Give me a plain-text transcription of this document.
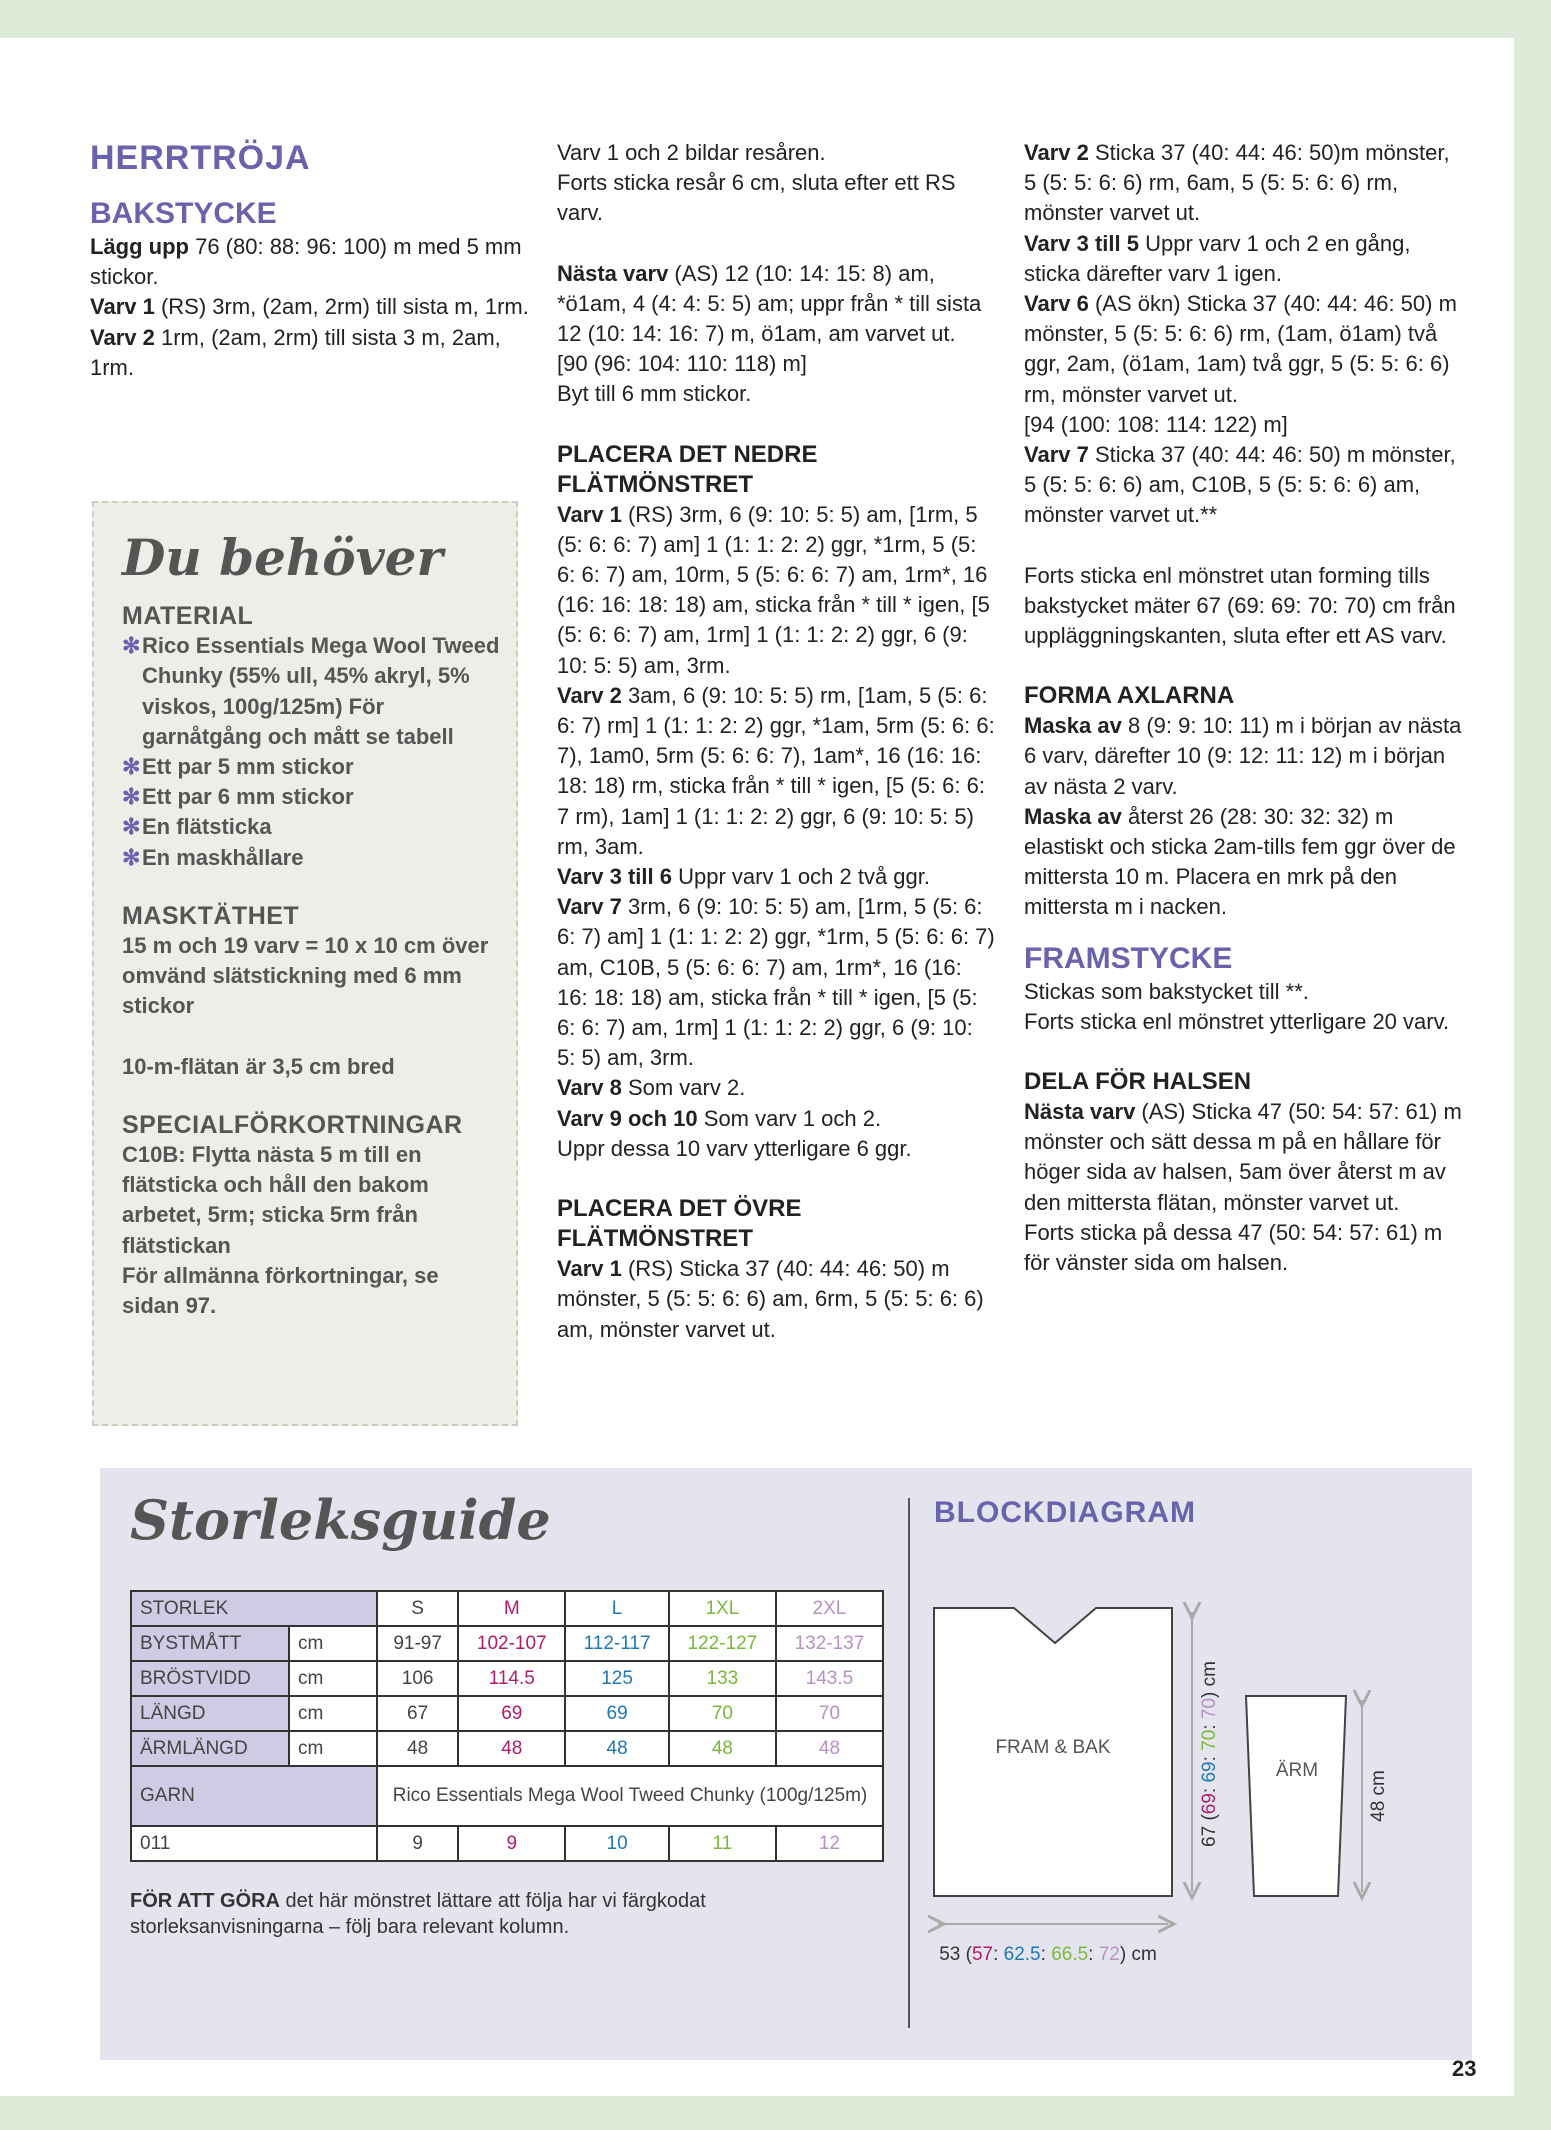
HERRTRÖJA

BAKSTYCKE

Lägg upp 76 (80: 88: 96: 100) m med 5 mm stickor.

Varv 1 (RS) 3rm, (2am, 2rm) till sista m, 1rm.

Varv 2 1rm, (2am, 2rm) till sista 3 m, 2am, 1rm.

Du behöver
MATERIAL
✻ Rico Essentials Mega Wool Tweed Chunky (55% ull, 45% akryl, 5% viskos, 100g/125m) För garnåtgång och mått se tabell
✻ Ett par 5 mm stickor
✻ Ett par 6 mm stickor
✻ En flätsticka
✻ En maskhållare
MASKTÄTHET
15 m och 19 varv = 10 x 10 cm över omvänd slätstickning med 6 mm stickor
10-m-flätan är 3,5 cm bred
SPECIALFÖRKORTNINGAR
C10B: Flytta nästa 5 m till en flätsticka och håll den bakom arbetet, 5rm; sticka 5rm från flätstickan
För allmänna förkortningar, se sidan 97.

Varv 1 och 2 bildar resåren.

Forts sticka resår 6 cm, sluta efter ett RS varv.

Nästa varv (AS) 12 (10: 14: 15: 8) am, *ö1am, 4 (4: 4: 5: 5) am; uppr från * till sista 12 (10: 14: 16: 7) m, ö1am, am varvet ut.

[90 (96: 104: 110: 118) m]

Byt till 6 mm stickor.

PLACERA DET NEDRE FLÄTMÖNSTRET

Varv 1 (RS) 3rm, 6 (9: 10: 5: 5) am, [1rm, 5 (5: 6: 6: 7) am] 1 (1: 1: 2: 2) ggr, *1rm, 5 (5: 6: 6: 7) am, 10rm, 5 (5: 6: 6: 7) am, 1rm*, 16 (16: 16: 18: 18) am, sticka från * till * igen, [5 (5: 6: 6: 7) am, 1rm] 1 (1: 1: 2: 2) ggr, 6 (9: 10: 5: 5) am, 3rm.

Varv 2 3am, 6 (9: 10: 5: 5) rm, [1am, 5 (5: 6: 6: 7) rm] 1 (1: 1: 2: 2) ggr, *1am, 5rm (5: 6: 6: 7), 1am0, 5rm (5: 6: 6: 7), 1am*, 16 (16: 16: 18: 18) rm, sticka från * till * igen, [5 (5: 6: 6: 7 rm), 1am] 1 (1: 1: 2: 2) ggr, 6 (9: 10: 5: 5) rm, 3am.

Varv 3 till 6 Uppr varv 1 och 2 två ggr.

Varv 7 3rm, 6 (9: 10: 5: 5) am, [1rm, 5 (5: 6: 6: 7) am] 1 (1: 1: 2: 2) ggr, *1rm, 5 (5: 6: 6: 7) am, C10B, 5 (5: 6: 6: 7) am, 1rm*, 16 (16: 16: 18: 18) am, sticka från * till * igen, [5 (5: 6: 6: 7) am, 1rm] 1 (1: 1: 2: 2) ggr, 6 (9: 10: 5: 5) am, 3rm.

Varv 8 Som varv 2.

Varv 9 och 10 Som varv 1 och 2.

Uppr dessa 10 varv ytterligare 6 ggr.

PLACERA DET ÖVRE FLÄTMÖNSTRET

Varv 1 (RS) Sticka 37 (40: 44: 46: 50) m mönster, 5 (5: 5: 6: 6) am, 6rm, 5 (5: 5: 6: 6) am, mönster varvet ut.

Varv 2 Sticka 37 (40: 44: 46: 50)m mönster, 5 (5: 5: 6: 6) rm, 6am, 5 (5: 5: 6: 6) rm, mönster varvet ut.

Varv 3 till 5 Uppr varv 1 och 2 en gång, sticka därefter varv 1 igen.

Varv 6 (AS ökn) Sticka 37 (40: 44: 46: 50) m mönster, 5 (5: 5: 6: 6) rm, (1am, ö1am) två ggr, 2am, (ö1am, 1am) två ggr, 5 (5: 5: 6: 6) rm, mönster varvet ut.

[94 (100: 108: 114: 122) m]

Varv 7 Sticka 37 (40: 44: 46: 50) m mönster, 5 (5: 5: 6: 6) am, C10B, 5 (5: 5: 6: 6) am, mönster varvet ut.**

Forts sticka enl mönstret utan forming tills bakstycket mäter 67 (69: 69: 70: 70) cm från uppläggningskanten, sluta efter ett AS varv.

FORMA AXLARNA

Maska av 8 (9: 9: 10: 11) m i början av nästa 6 varv, därefter 10 (9: 12: 11: 12) m i början av nästa 2 varv.

Maska av återst 26 (28: 30: 32: 32) m elastiskt och sticka 2am-tills fem ggr över de mittersta 10 m. Placera en mrk på den mittersta m i nacken.

FRAMSTYCKE

Stickas som bakstycket till **.

Forts sticka enl mönstret ytterligare 20 varv.

DELA FÖR HALSEN

Nästa varv (AS) Sticka 47 (50: 54: 57: 61) m mönster och sätt dessa m på en hållare för höger sida av halsen, 5am över återst m av den mittersta flätan, mönster varvet ut.

Forts sticka på dessa 47 (50: 54: 57: 61) m för vänster sida om halsen.

Storleksguide
STORLEK		S	M	L	1XL	2XL
BYSTMÅTT	cm	91-97	102-107	112-117	122-127	132-137
BRÖSTVIDD	cm	106	114.5	125	133	143.5
LÄNGD	cm	67	69	69	70	70
ÄRMLÄNGD	cm	48	48	48	48	48
GARN		Rico Essentials Mega Wool Tweed Chunky (100g/125m)				
011		9	9	10	11	12
FÖR ATT GÖRA det här mönstret lättare att följa har vi färgkodat storleksanvisningarna – följ bara relevant kolumn.
BLOCKDIAGRAM
FRAM & BAK
ÄRM
67 (69: 69: 70: 70) cm
48 cm
53 (57: 62.5: 66.5: 72) cm
23
